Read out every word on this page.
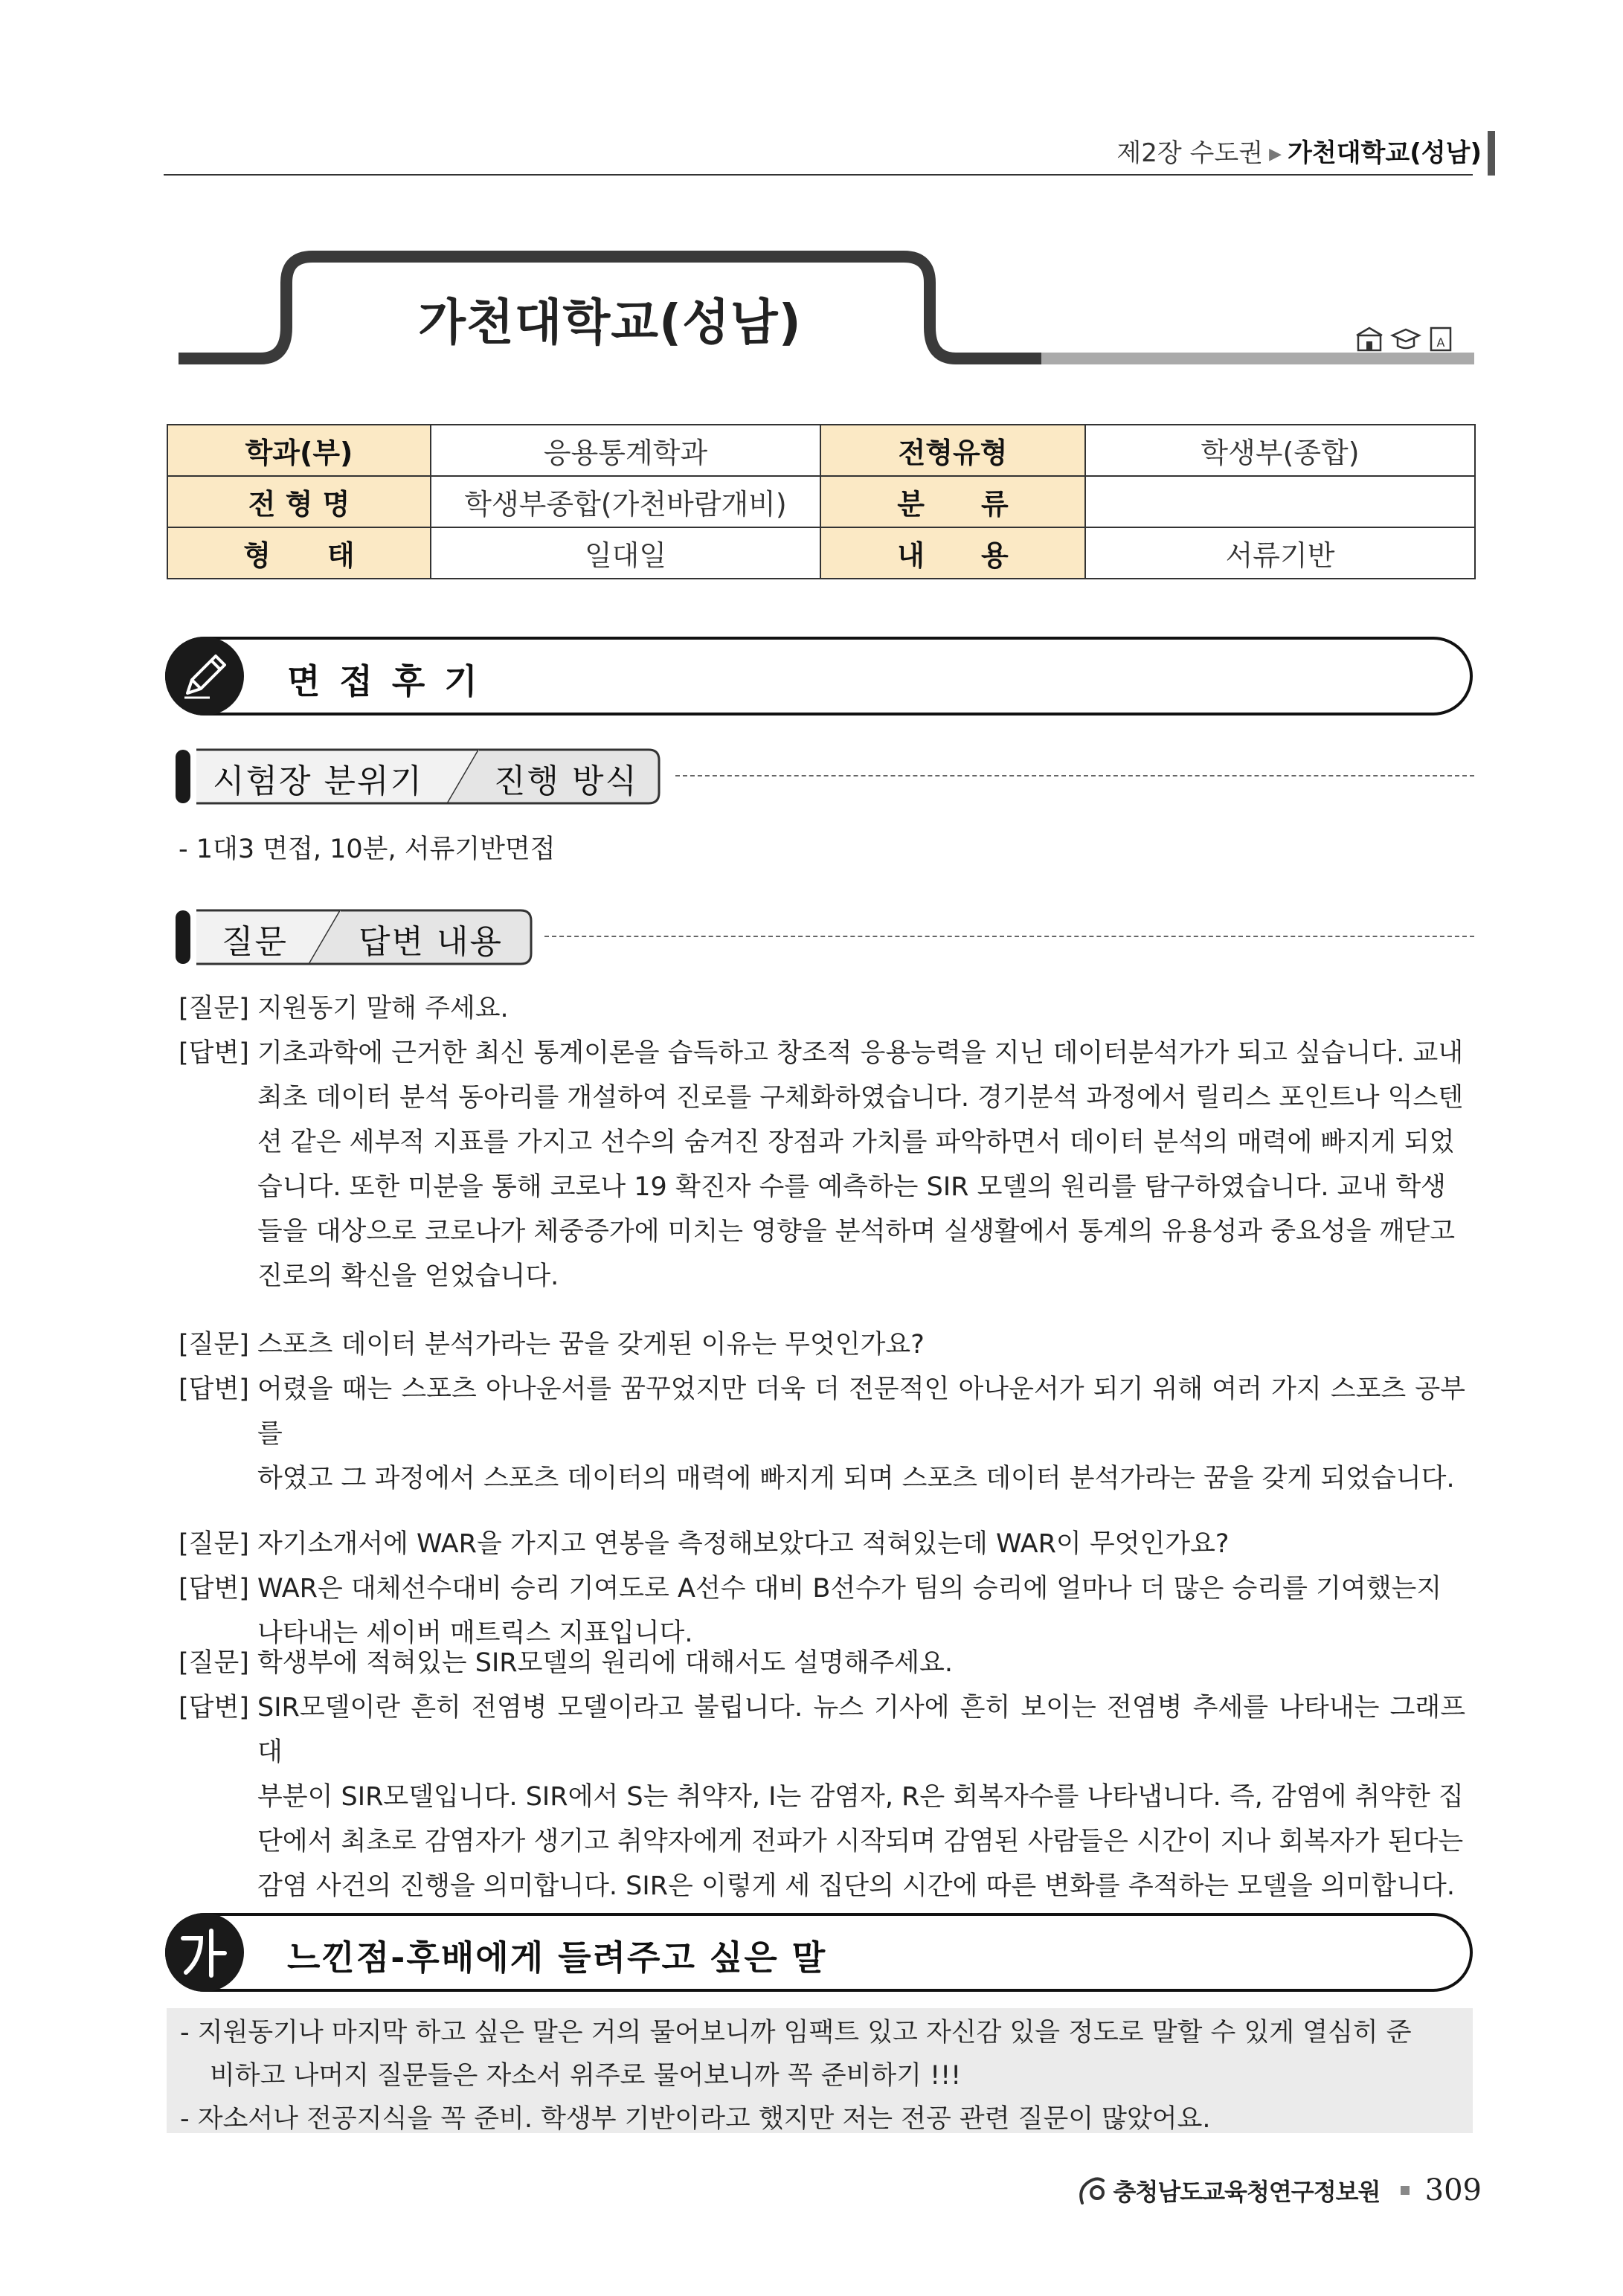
제2장 수도권 ▶ 가천대학교(성남)
가천대학교(성남)	A
학과(부)	응용통계학과	전형유형	학생부(종합)
전 형 명	학생부종합(가천바람개비)	분　　류	
형　　태	일대일	내　　용	서류기반
면접후기
시험장 분위기 진행 방식
- 1대3 면접, 10분, 서류기반면접
질문 답변 내용
[질문] 지원동기 말해 주세요.
[답변] 기초과학에 근거한 최신 통계이론을 습득하고 창조적 응용능력을 지닌 데이터분석가가 되고 싶습니다. 교내
최초 데이터 분석 동아리를 개설하여 진로를 구체화하였습니다. 경기분석 과정에서 릴리스 포인트나 익스텐
션 같은 세부적 지표를 가지고 선수의 숨겨진 장점과 가치를 파악하면서 데이터 분석의 매력에 빠지게 되었
습니다. 또한 미분을 통해 코로나 19 확진자 수를 예측하는 SIR 모델의 원리를 탐구하였습니다. 교내 학생
들을 대상으로 코로나가 체중증가에 미치는 영향을 분석하며 실생활에서 통계의 유용성과 중요성을 깨닫고
진로의 확신을 얻었습니다.
[질문] 스포츠 데이터 분석가라는 꿈을 갖게된 이유는 무엇인가요?
[답변] 어렸을 때는 스포츠 아나운서를 꿈꾸었지만 더욱 더 전문적인 아나운서가 되기 위해 여러 가지 스포츠 공부를
하였고 그 과정에서 스포츠 데이터의 매력에 빠지게 되며 스포츠 데이터 분석가라는 꿈을 갖게 되었습니다.
[질문] 자기소개서에 WAR을 가지고 연봉을 측정해보았다고 적혀있는데 WAR이 무엇인가요?
[답변] WAR은 대체선수대비 승리 기여도로 A선수 대비 B선수가 팀의 승리에 얼마나 더 많은 승리를 기여했는지
나타내는 세이버 매트릭스 지표입니다.
[질문] 학생부에 적혀있는 SIR모델의 원리에 대해서도 설명해주세요.
[답변] SIR모델이란 흔히 전염병 모델이라고 불립니다. 뉴스 기사에 흔히 보이는 전염병 추세를 나타내는 그래프 대
부분이 SIR모델입니다. SIR에서 S는 취약자, I는 감염자, R은 회복자수를 나타냅니다. 즉, 감염에 취약한 집
단에서 최초로 감염자가 생기고 취약자에게 전파가 시작되며 감염된 사람들은 시간이 지나 회복자가 된다는
감염 사건의 진행을 의미합니다. SIR은 이렇게 세 집단의 시간에 따른 변화를 추적하는 모델을 의미합니다.
느낀점-후배에게 들려주고 싶은 말
- 지원동기나 마지막 하고 싶은 말은 거의 물어보니까 임팩트 있고 자신감 있을 정도로 말할 수 있게 열심히 준
비하고 나머지 질문들은 자소서 위주로 물어보니까 꼭 준비하기 !!!
- 자소서나 전공지식을 꼭 준비. 학생부 기반이라고 했지만 저는 전공 관련 질문이 많았어요.
충청남도교육청연구정보원 309
